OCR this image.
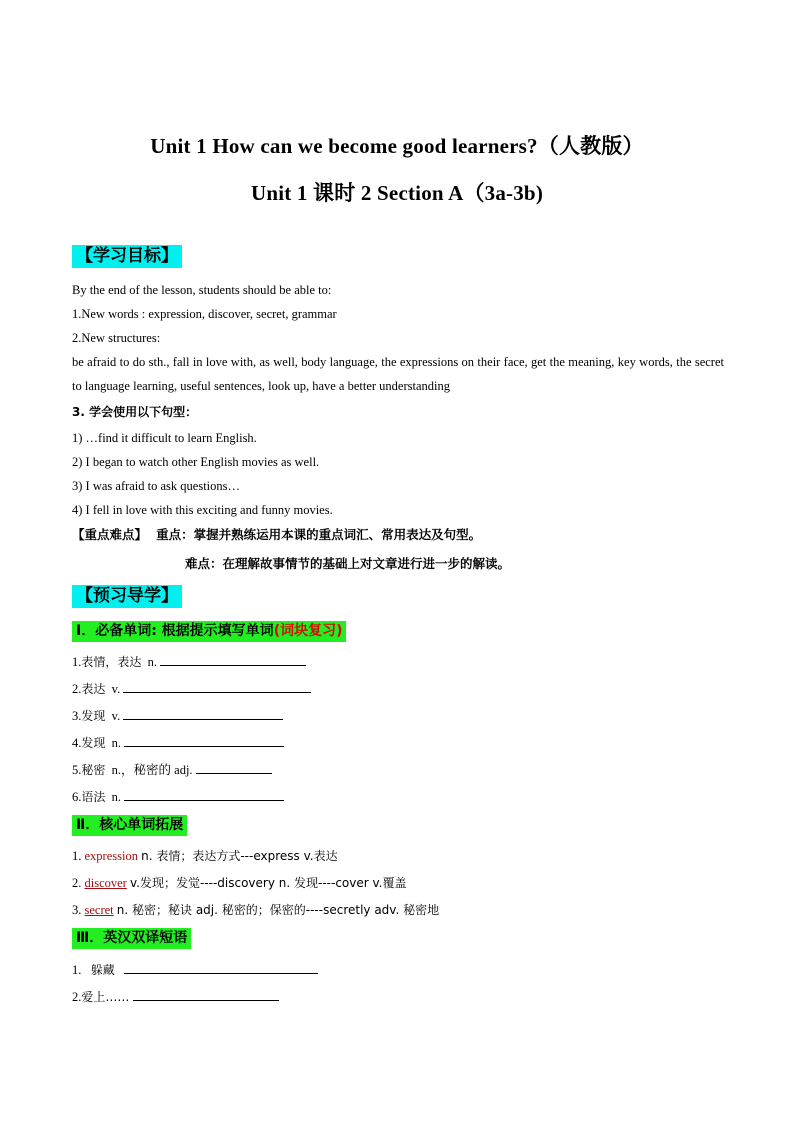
Unit 1 How can we become good learners?（人教版）
Unit 1 课时 2 Section A（3a-3b)
【学习目标】
By the end of the lesson, students should be able to:
1.New words : expression, discover, secret, grammar
2.New structures:
be afraid to do sth., fall in love with, as well, body language, the expressions on their face, get the meaning, key words, the secret to language learning, useful sentences, look up, have a better understanding
3. 学会使用以下句型：
1) …find it difficult to learn English.
2) I began to watch other English movies as well.
3) I was afraid to ask questions…
4) I fell in love with this exciting and funny movies.
【重点难点】 重点：掌握并熟练运用本课的重点词汇、常用表达及句型。
难点：在理解故事情节的基础上对文章进行进一步的解读。
【预习导学】
Ⅰ．必备单词: 根据提示填写单词(词块复习)
1.表情，表达 n.
2.表达 v.
3.发现 v.
4.发现 n.
5.秘密 n.，秘密的 adj.
6.语法 n.
Ⅱ．核心单词拓展
1. expression n. 表情；表达方式---express v.表达
2. discover v.发现；发觉----discovery n. 发现----cover v.覆盖
3. secret n. 秘密；秘诀 adj. 秘密的；保密的----secretly adv. 秘密地
Ⅲ．英汉双译短语
1. 躲藏
2.爱上……
